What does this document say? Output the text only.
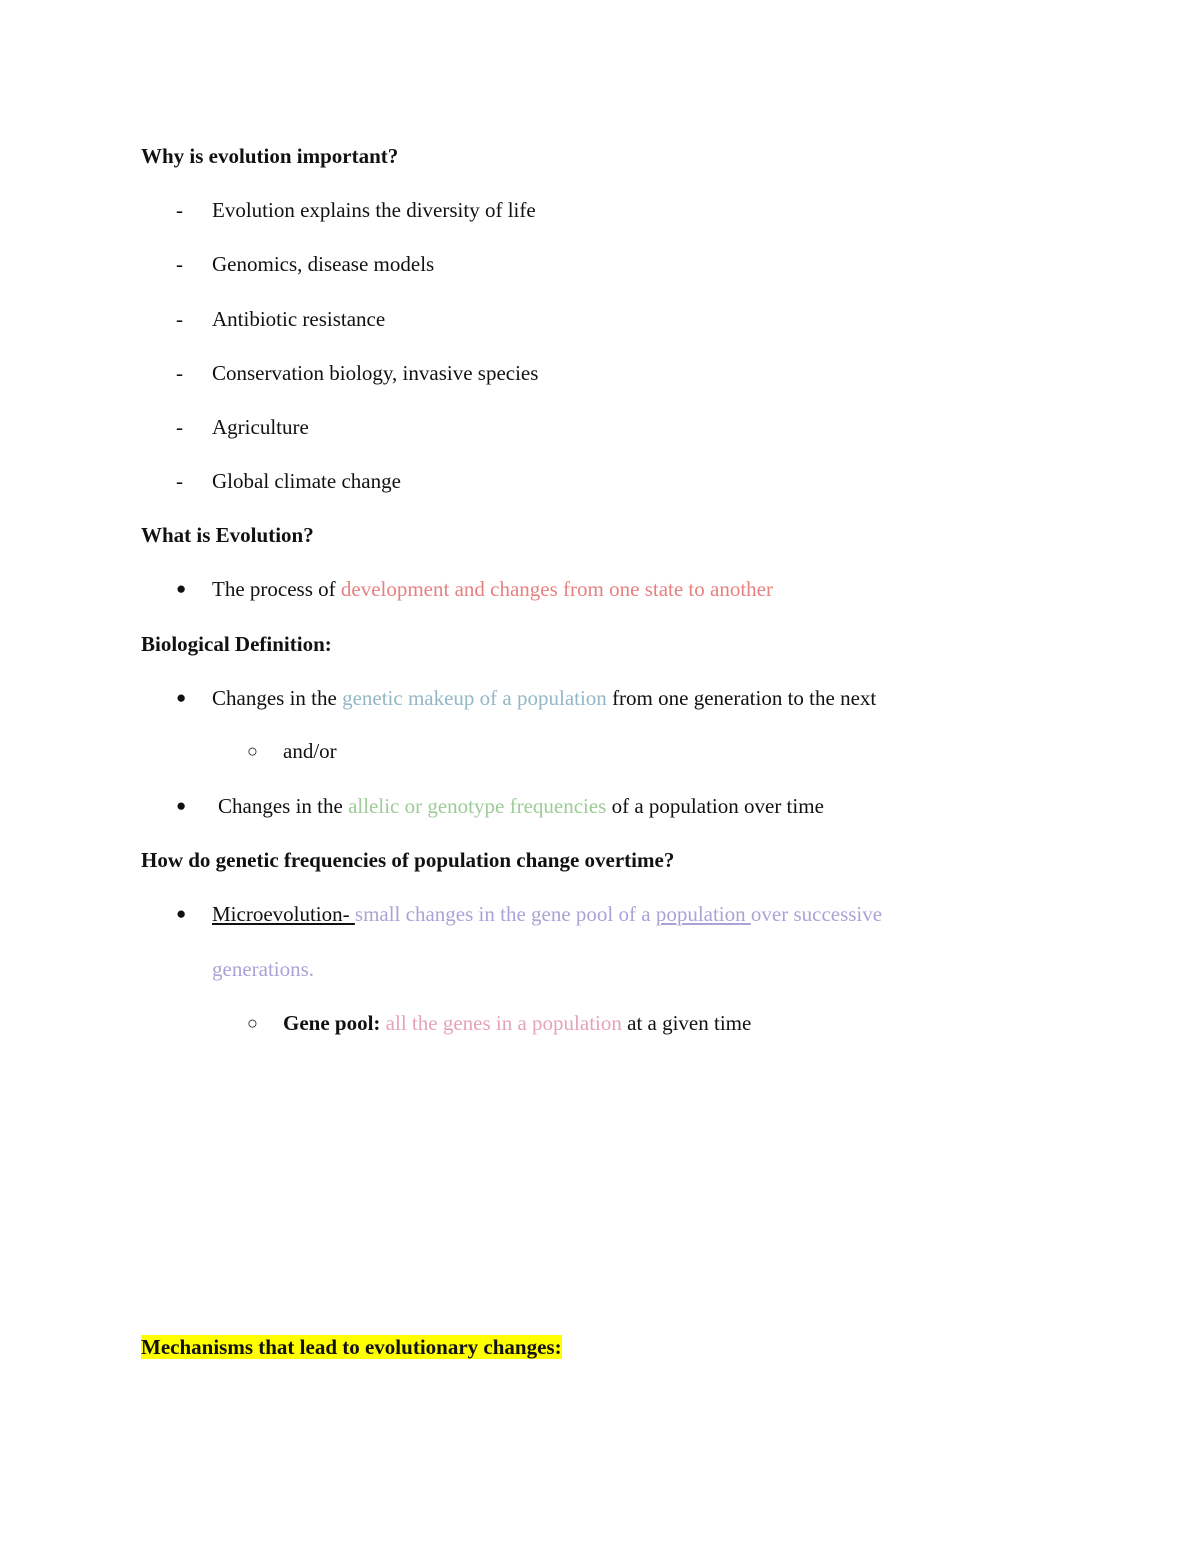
Why is evolution important?
- Evolution explains the diversity of life
- Genomics, disease models
- Antibiotic resistance
- Conservation biology, invasive species
- Agriculture
- Global climate change
What is Evolution?
● The process of development and changes from one state to another
Biological Definition:
● Changes in the genetic makeup of a population from one generation to the next
○ and/or
● Changes in the allelic or genotype frequencies of a population over time
How do genetic frequencies of population change overtime?
● Microevolution- small changes in the gene pool of a population over successive
generations.
○ Gene pool: all the genes in a population at a given time
Mechanisms that lead to evolutionary changes:
